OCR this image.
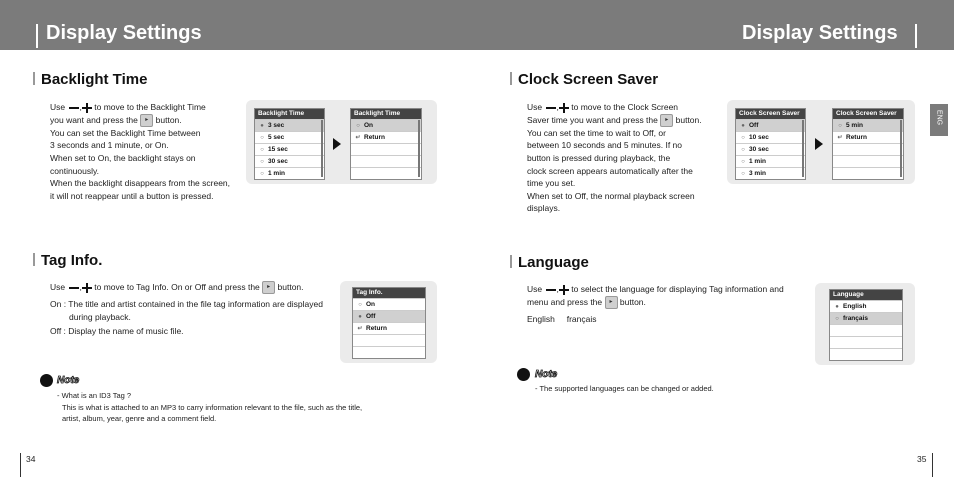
Display Settings	Display Settings
ENG
Backlight Time

Use , to move to the Backlight Time

you want and press the ▸ button.

You can set the Backlight Time between

3 seconds and 1 minute, or On.

When set to On, the backlight stays on

continuously.

When the backlight disappears from the screen,

it will not reappear until a button is pressed.

Backlight Time
● 3 sec
○ 5 sec
○ 15 sec
○ 30 sec
○ 1 min
Backlight Time
○ On
↵ Return
Clock Screen Saver

Use , to move to the Clock Screen

Saver time you want and press the ▸ button.

You can set the time to wait to Off, or

between 10 seconds and 5 minutes. If no

button is pressed during playback, the

clock screen appears automatically after the

time you set.

When set to Off, the normal playback screen

displays.

Clock Screen Saver
● Off
○ 10 sec
○ 30 sec
○ 1 min
○ 3 min
Clock Screen Saver
○ 5 min
↵ Return
Tag Info.

Use , to move to Tag Info. On or Off and press the ▸ button.

On : The title and artist contained in the file tag information are displayed

during playback.

Off : Display the name of music file.

Tag Info.
○ On
● Off
↵ Return
Language

Use , to select the language for displaying Tag information and

menu and press the ▸ button.

English français

Language
● English
○ français
Note

- What is an ID3 Tag ?

This is what is attached to an MP3 to carry information relevant to the file, such as the title,

artist, album, year, genre and a comment field.

Note

- The supported languages can be changed or added.

34	35
